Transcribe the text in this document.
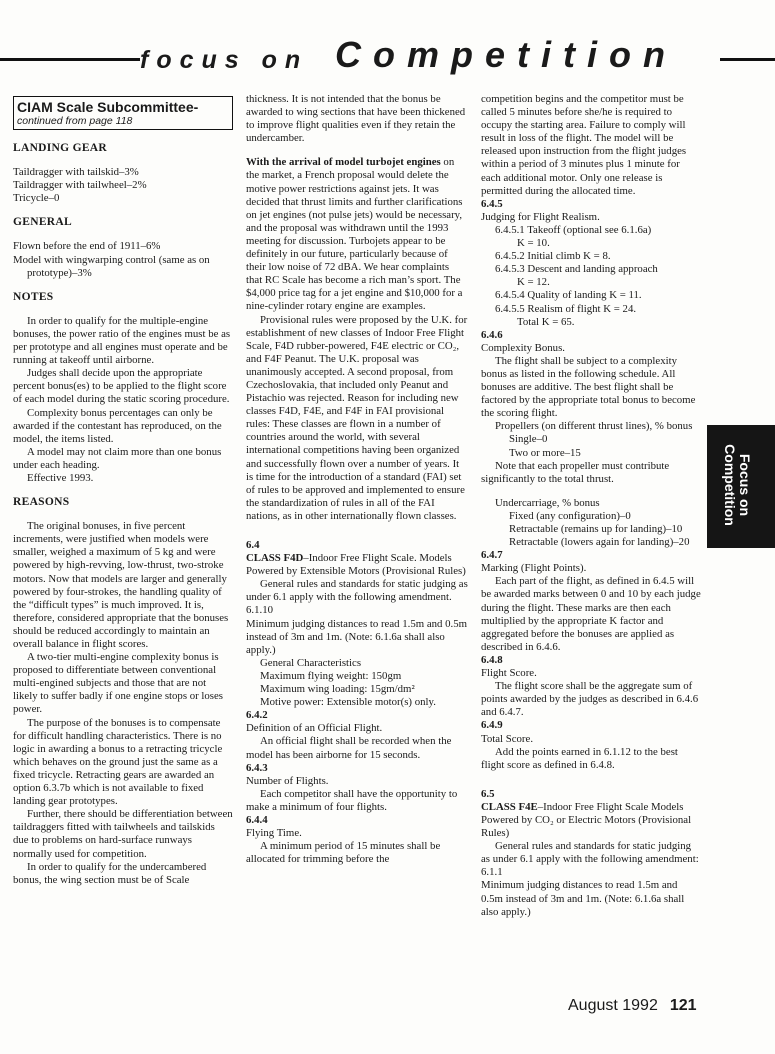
focus on Competition
CIAM Scale Subcommittee-
continued from page 118
LANDING GEAR

Taildragger with tailskid–3%

Taildragger with tailwheel–2%

Tricycle–0

GENERAL

Flown before the end of 1911–6%

Model with wingwarping control (same as on prototype)–3%

NOTES

In order to qualify for the multiple-engine bonuses, the power ratio of the engines must be as per prototype and all engines must operate and be running at takeoff until airborne.

Judges shall decide upon the appropriate percent bonus(es) to be applied to the flight score of each model during the static scoring procedure.

Complexity bonus percentages can only be awarded if the contestant has reproduced, on the model, the items listed.

A model may not claim more than one bonus under each heading.

Effective 1993.

REASONS

The original bonuses, in five percent increments, were justified when models were smaller, weighed a maximum of 5 kg and were powered by high-revving, low-thrust, two-stroke motors. Now that models are larger and generally powered by four-strokes, the handling quality of the “difficult types” is much improved. It is, therefore, considered appropriate that the bonuses should be reduced accordingly to maintain an overall balance in flight scores.

A two-tier multi-engine complexity bonus is proposed to differentiate between conventional multi-engined subjects and those that are not likely to suffer badly if one engine stops or loses power.

The purpose of the bonuses is to compensate for difficult handling characteristics. There is no logic in awarding a bonus to a retracting tricycle which behaves on the ground just the same as a fixed tricycle. Retracting gears are awarded an option 6.3.7b which is not available to fixed landing gear prototypes.

Further, there should be differentiation between taildraggers fitted with tailwheels and tailskids due to problems on hard-surface runways normally used for competition.

In order to qualify for the undercambered bonus, the wing section must be of Scale

thickness. It is not intended that the bonus be awarded to wing sections that have been thickened to improve flight qualities even if they retain the undercamber.

With the arrival of model turbojet engines on the market, a French proposal would delete the motive power restrictions against jets. It was decided that thrust limits and further clarifications on jet engines (not pulse jets) would be necessary, and the proposal was withdrawn until the 1993 meeting for discussion. Turbojets appear to be definitely in our future, particularly because of their low noise of 72 dBA. We hear complaints that RC Scale has become a rich man’s sport. The $4,000 price tag for a jet engine and $10,000 for a nine-cylinder rotary engine are examples.

Provisional rules were proposed by the U.K. for establishment of new classes of Indoor Free Flight Scale, F4D rubber-powered, F4E electric or CO₂, and F4F Peanut. The U.K. proposal was unanimously accepted. A second proposal, from Czechoslovakia, that included only Peanut and Pistachio was rejected. Reason for including new classes F4D, F4E, and F4F in FAI provisional rules: These classes are flown in a number of countries around the world, with several international competitions having been organized and successfully flown over a number of years. It is time for the introduction of a standard (FAI) set of rules to be approved and implemented to ensure the standardization of rules in all of the FAI nations, as in other internationally flown classes.

6.4

CLASS F4D–Indoor Free Flight Scale. Models Powered by Extensible Motors (Provisional Rules)

General rules and standards for static judging as under 6.1 apply with the following amendment.

6.1.10

Minimum judging distances to read 1.5m and 0.5m instead of 3m and 1m. (Note: 6.1.6a shall also apply.)

General Characteristics

Maximum flying weight: 150gm

Maximum wing loading: 15gm/dm²

Motive power: Extensible motor(s) only.

6.4.2

Definition of an Official Flight.

An official flight shall be recorded when the model has been airborne for 15 seconds.

6.4.3

Number of Flights.

Each competitor shall have the opportunity to make a minimum of four flights.

6.4.4

Flying Time.

A minimum period of 15 minutes shall be allocated for trimming before the

competition begins and the competitor must be called 5 minutes before she/he is required to occupy the starting area. Failure to comply will result in loss of the flight. The model will be released upon instruction from the flight judges within a period of 3 minutes plus 1 minute for each additional motor. Only one release is permitted during the allocated time.

6.4.5

Judging for Flight Realism.

6.4.5.1 Takeoff (optional see 6.1.6a)

K = 10.

6.4.5.2 Initial climb K = 8.

6.4.5.3 Descent and landing approach

K = 12.

6.4.5.4 Quality of landing K = 11.

6.4.5.5 Realism of flight K = 24.

Total K = 65.

6.4.6

Complexity Bonus.

The flight shall be subject to a complexity bonus as listed in the following schedule. All bonuses are additive. The best flight shall be factored by the appropriate total bonus to become the scoring flight.

Propellers (on different thrust lines), % bonus

Single–0

Two or more–15

Note that each propeller must contribute significantly to the total thrust.

Undercarriage, % bonus

Fixed (any configuration)–0

Retractable (remains up for landing)–10

Retractable (lowers again for landing)–20

6.4.7

Marking (Flight Points).

Each part of the flight, as defined in 6.4.5 will be awarded marks between 0 and 10 by each judge during the flight. These marks are then each multiplied by the appropriate K factor and aggregated before the bonuses are applied as described in 6.4.6.

6.4.8

Flight Score.

The flight score shall be the aggregate sum of points awarded by the judges as described in 6.4.6 and 6.4.7.

6.4.9

Total Score.

Add the points earned in 6.1.12 to the best flight score as defined in 6.4.8.

6.5

CLASS F4E–Indoor Free Flight Scale Models Powered by CO₂ or Electric Motors (Provisional Rules)

General rules and standards for static judging as under 6.1 apply with the following amendment:

6.1.1

Minimum judging distances to read 1.5m and 0.5m instead of 3m and 1m. (Note: 6.1.6a shall also apply.)

Focus on
Competition
August 1992 121
